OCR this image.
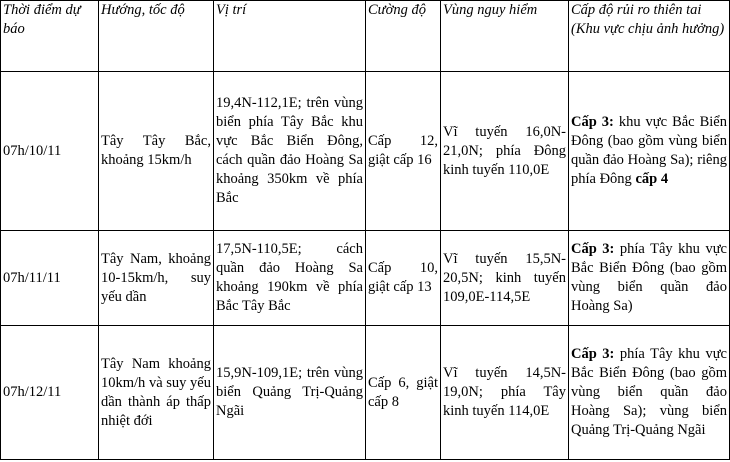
Thời điểm dự báo	Hướng, tốc độ	Vị trí	Cường độ	Vùng nguy hiểm	Cấp độ rủi ro thiên tai (Khu vực chịu ảnh hưởng)
07h/10/11	Tây Tây Bắc, khoảng 15km/h	19,4N-112,1E; trên vùng biển phía Tây Bắc khu vực Bắc Biển Đông, cách quần đảo Hoàng Sa khoảng 350km về phía Bắc	Cấp 12, giật cấp 16	Vĩ tuyến 16,0N-21,0N; phía Đông kinh tuyến 110,0E	Cấp 3: khu vực Bắc Biển Đông (bao gồm vùng biển quần đảo Hoàng Sa); riêng phía Đông cấp 4
07h/11/11	Tây Nam, khoảng 10-15km/h, suy yếu dần	17,5N-110,5E; cách quần đảo Hoàng Sa khoảng 190km về phía Bắc Tây Bắc	Cấp 10, giật cấp 13	Vĩ tuyến 15,5N-20,5N; kinh tuyến 109,0E-114,5E	Cấp 3: phía Tây khu vực Bắc Biển Đông (bao gồm vùng biển quần đảo Hoàng Sa)
07h/12/11	Tây Nam khoảng 10km/h và suy yếu dần thành áp thấp nhiệt đới	15,9N-109,1E; trên vùng biển Quảng Trị-Quảng Ngãi	Cấp 6, giật cấp 8	Vĩ tuyến 14,5N-19,0N; phía Tây kinh tuyến 114,0E	Cấp 3: phía Tây khu vực Bắc Biển Đông (bao gồm vùng biển quần đảo Hoàng Sa); vùng biển Quảng Trị-Quảng Ngãi
